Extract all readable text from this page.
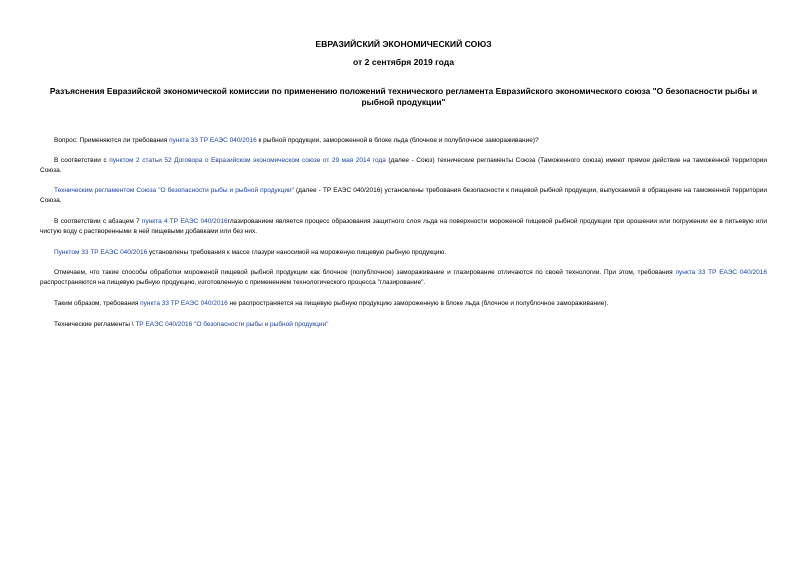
ЕВРАЗИЙСКИЙ ЭКОНОМИЧЕСКИЙ СОЮЗ
от 2 сентября 2019 года
Разъяснения Евразийской экономической комиссии по применению положений технического регламента Евразийского экономического союза "О безопасности рыбы и рыбной продукции"
Вопрос: Применяются ли требования пункта 33 ТР ЕАЭС 040/2016 к рыбной продукции, замороженной в блоке льда (блочное и полублочное замораживание)?
В соответствии с пунктом 2 статьи 52 Договора о Евразийском экономическом союзе от 29 мая 2014 года (далее - Союз) технические регламенты Союза (Таможенного союза) имеют прямое действие на таможенной территории Союза.
Техническим регламентом Союза "О безопасности рыбы и рыбной продукции" (далее - ТР ЕАЭС 040/2016) установлены требования безопасности к пищевой рыбной продукции, выпускаемой в обращение на таможенной территории Союза.
В соответствии с абзацем 7 пункта 4 ТР ЕАЭС 040/2016глазированием является процесс образования защитного слоя льда на поверхности мороженой пищевой рыбной продукции при орошении или погружении ее в питьевую или чистую воду с растворенными в ней пищевыми добавками или без них.
Пунктом 33 ТР ЕАЭС 040/2016 установлены требования к массе глазури наносимой на мороженую пищевую рыбную продукцию.
Отмечаем, что такие способы обработки мороженой пищевой рыбной продукции как блочное (полублочное) замораживание и глазирование отличаются по своей технологии. При этом, требования пункта 33 ТР ЕАЭС 040/2016 распространяются на пищевую рыбную продукцию, изготовленную с применением технологического процесса "глазирование".
Таким образом, требования пункта 33 ТР ЕАЭС 040/2016 не распространяется на пищевую рыбную продукцию замороженную в блоке льда (блочное и полублочное замораживание).
Технические регламенты \ ТР ЕАЭС 040/2016 "О безопасности рыбы и рыбной продукции"
